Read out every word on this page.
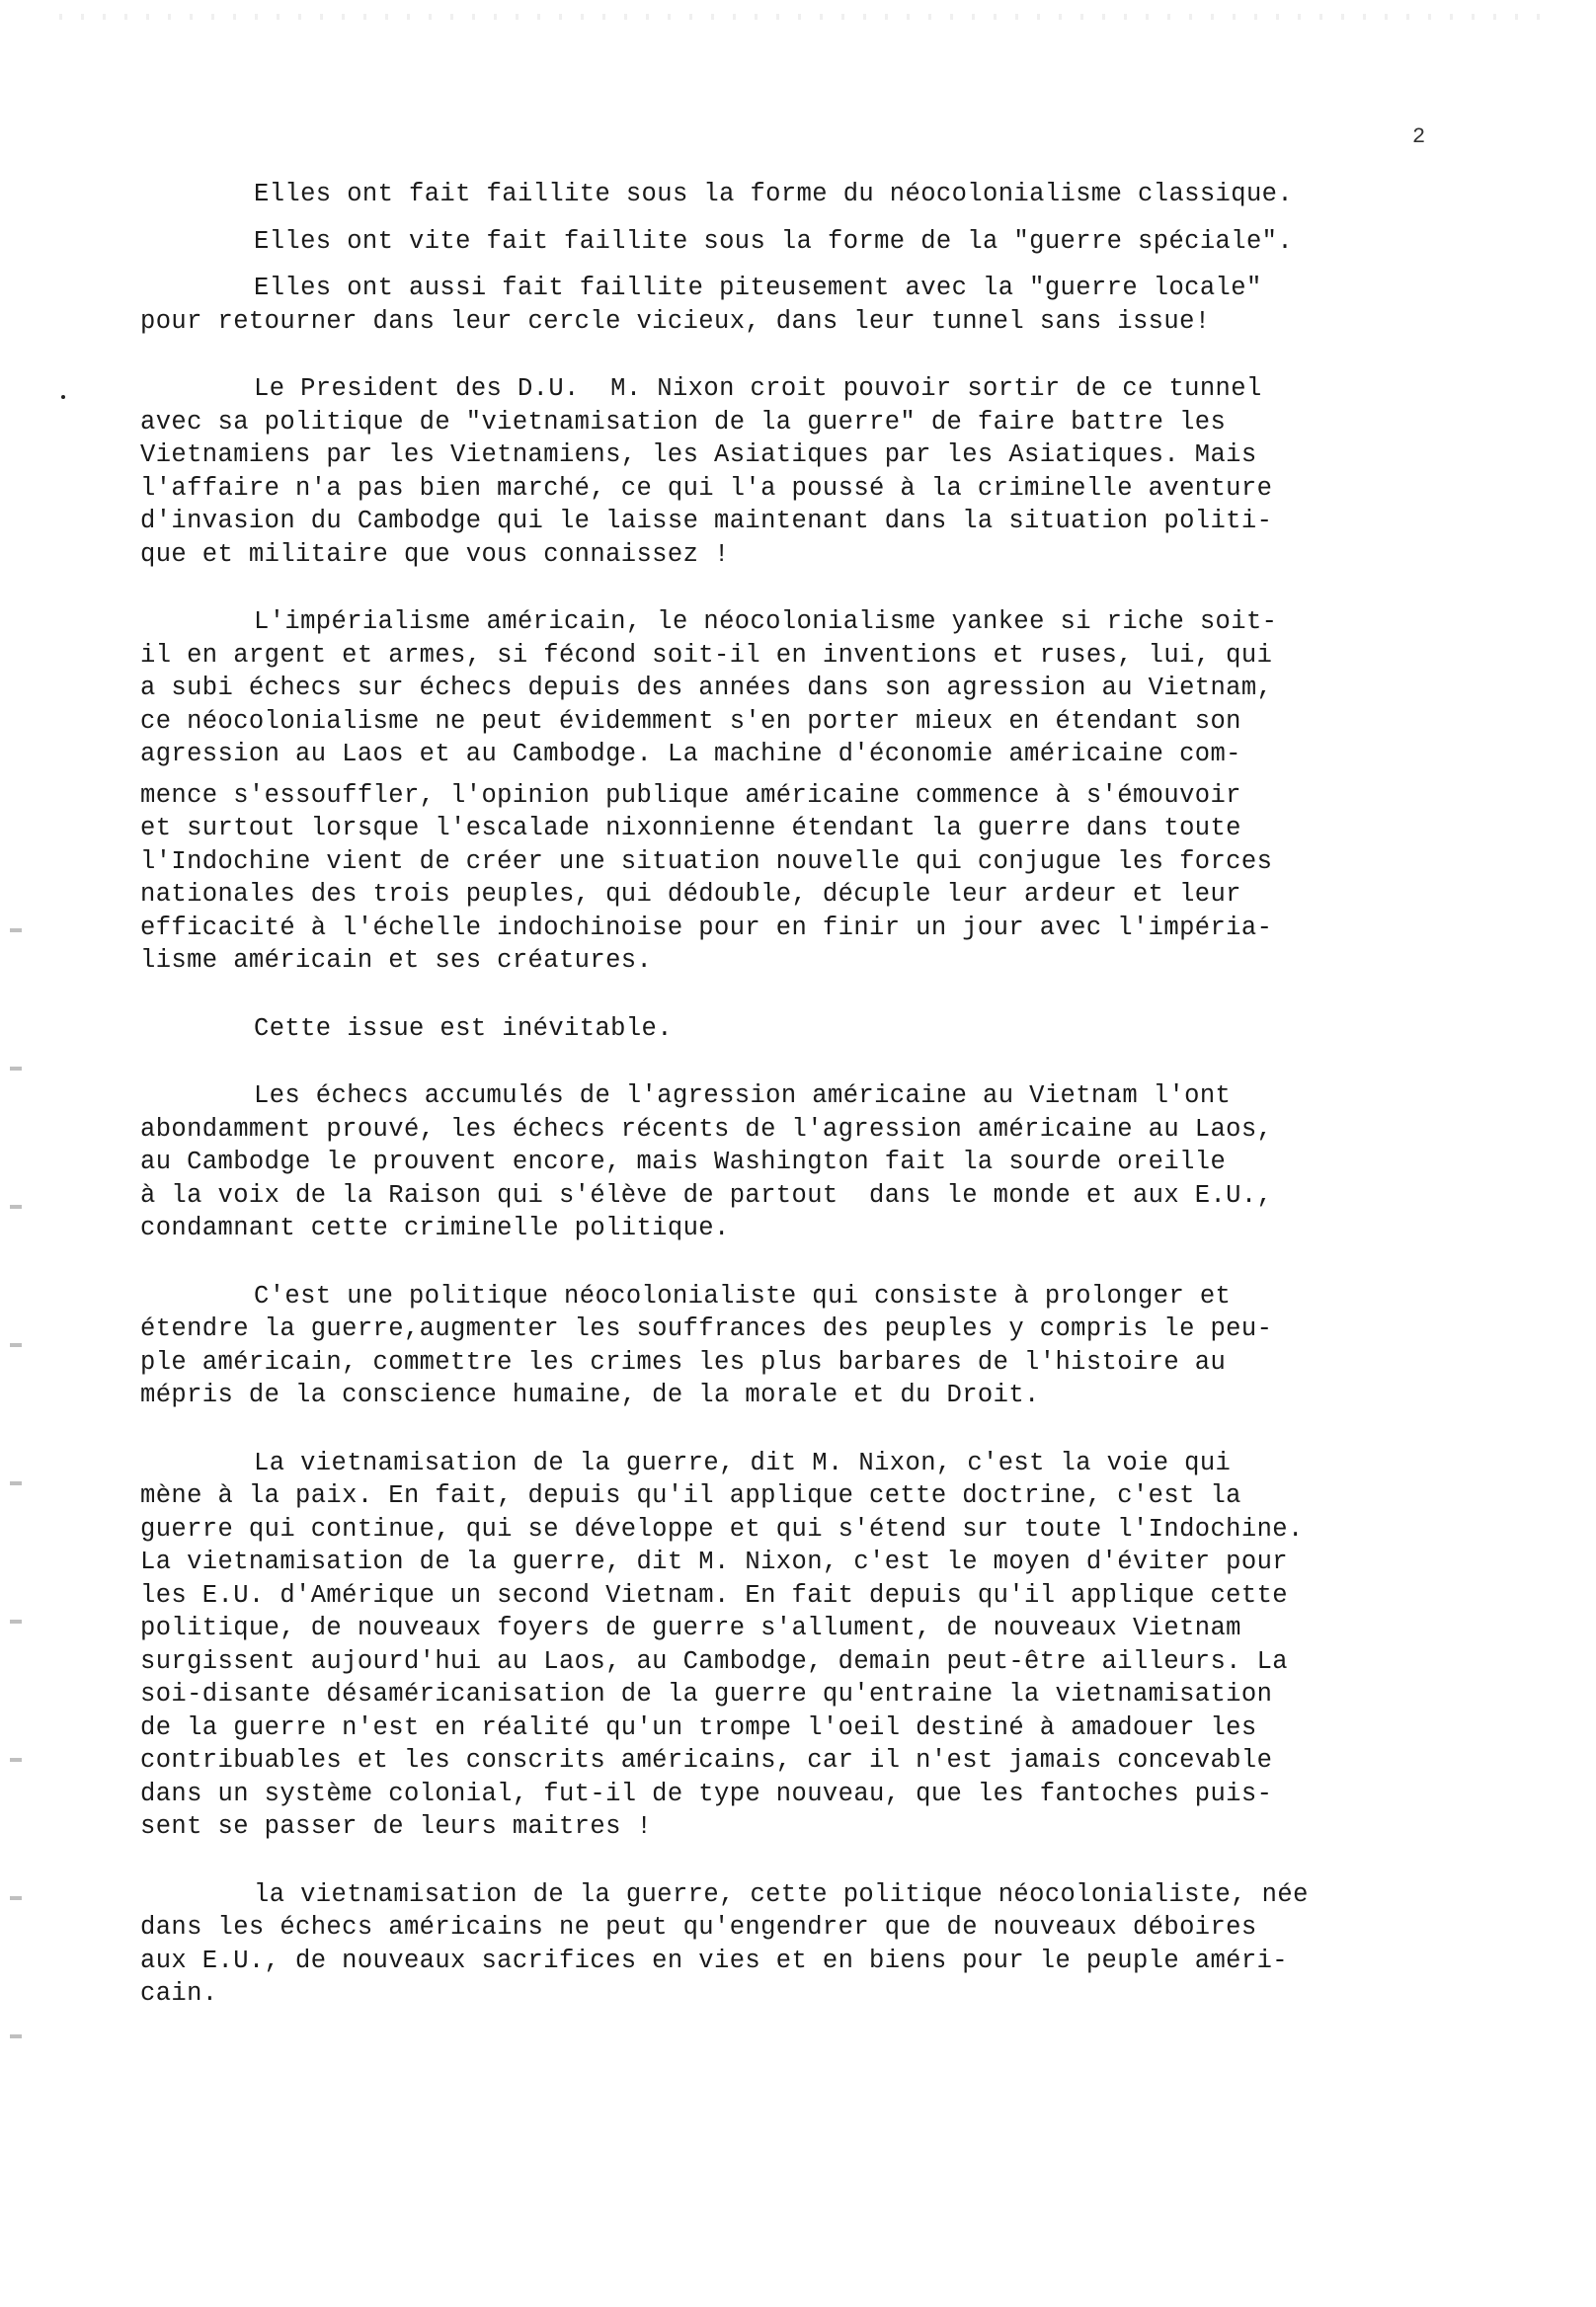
2
Elles ont fait faillite sous la forme du néocolonialisme classique.
Elles ont vite fait faillite sous la forme de la "guerre spéciale".
Elles ont aussi fait faillite piteusement avec la "guerre locale"
pour retourner dans leur cercle vicieux, dans leur tunnel sans issue!
Le President des D.U.  M. Nixon croit pouvoir sortir de ce tunnel
avec sa politique de "vietnamisation de la guerre" de faire battre les
Vietnamiens par les Vietnamiens, les Asiatiques par les Asiatiques. Mais
l'affaire n'a pas bien marché, ce qui l'a poussé à la criminelle aventure
d'invasion du Cambodge qui le laisse maintenant dans la situation politi-
que et militaire que vous connaissez !
L'impérialisme américain, le néocolonialisme yankee si riche soit-
il en argent et armes, si fécond soit-il en inventions et ruses, lui, qui
a subi échecs sur échecs depuis des années dans son agression au Vietnam,
ce néocolonialisme ne peut évidemment s'en porter mieux en étendant son
agression au Laos et au Cambodge. La machine d'économie américaine com-
mence s'essouffler, l'opinion publique américaine commence à s'émouvoir
et surtout lorsque l'escalade nixonnienne étendant la guerre dans toute
l'Indochine vient de créer une situation nouvelle qui conjugue les forces
nationales des trois peuples, qui dédouble, décuple leur ardeur et leur
efficacité à l'échelle indochinoise pour en finir un jour avec l'impéria-
lisme américain et ses créatures.
Cette issue est inévitable.
Les échecs accumulés de l'agression américaine au Vietnam l'ont
abondamment prouvé, les échecs récents de l'agression américaine au Laos,
au Cambodge le prouvent encore, mais Washington fait la sourde oreille
à la voix de la Raison qui s'élève de partout  dans le monde et aux E.U.,
condamnant cette criminelle politique.
C'est une politique néocolonialiste qui consiste à prolonger et
étendre la guerre,augmenter les souffrances des peuples y compris le peu-
ple américain, commettre les crimes les plus barbares de l'histoire au
mépris de la conscience humaine, de la morale et du Droit.
La vietnamisation de la guerre, dit M. Nixon, c'est la voie qui
mène à la paix. En fait, depuis qu'il applique cette doctrine, c'est la
guerre qui continue, qui se développe et qui s'étend sur toute l'Indochine.
La vietnamisation de la guerre, dit M. Nixon, c'est le moyen d'éviter pour
les E.U. d'Amérique un second Vietnam. En fait depuis qu'il applique cette
politique, de nouveaux foyers de guerre s'allument, de nouveaux Vietnam
surgissent aujourd'hui au Laos, au Cambodge, demain peut-être ailleurs. La
soi-disante désaméricanisation de la guerre qu'entraine la vietnamisation
de la guerre n'est en réalité qu'un trompe l'oeil destiné à amadouer les
contribuables et les conscrits américains, car il n'est jamais concevable
dans un système colonial, fut-il de type nouveau, que les fantoches puis-
sent se passer de leurs maitres !
la vietnamisation de la guerre, cette politique néocolonialiste, née
dans les échecs américains ne peut qu'engendrer que de nouveaux déboires
aux E.U., de nouveaux sacrifices en vies et en biens pour le peuple améri-
cain.
